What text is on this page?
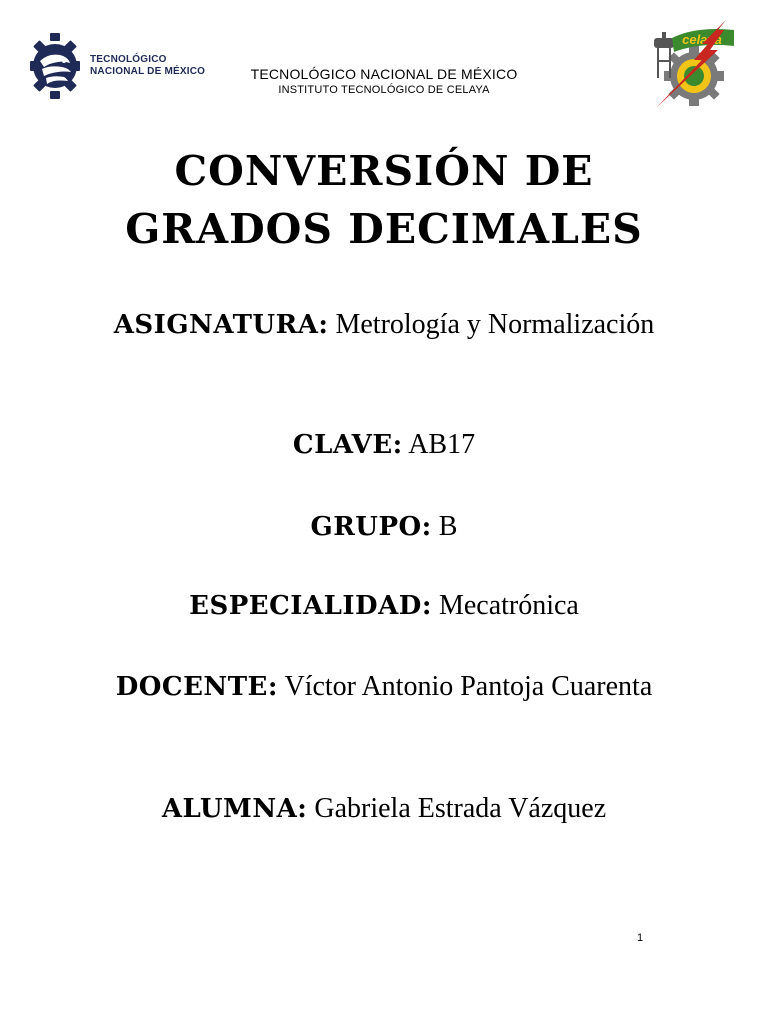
TECNOLÓGICO
NACIONAL DE MÉXICO	TECNOLÓGICO NACIONAL DE MÉXICO
INSTITUTO TECNOLÓGICO DE CELAYA
celaya
CONVERSIÓN DE
GRADOS DECIMALES
ASIGNATURA: Metrología y Normalización
CLAVE: AB17
GRUPO: B
ESPECIALIDAD: Mecatrónica
DOCENTE: Víctor Antonio Pantoja Cuarenta
ALUMNA: Gabriela Estrada Vázquez
1
